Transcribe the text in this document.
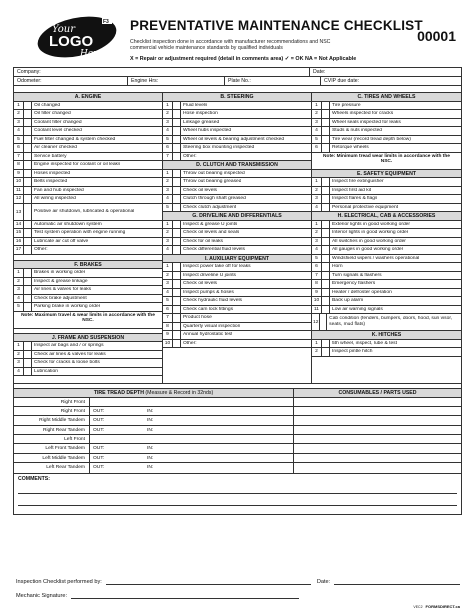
Your
LOGO
Here
F3 PREVENTATIVE MAINTENANCE CHECKLIST
Checklist inspection done in accordance with manufacturer recommendations and NSC commercial vehicle maintenance standards by qualified individuals
X = Repair or adjustment required (detail in comments area) ✓ = OK NA = Not Applicable
00001
Company:	Date:
Odometer:	Engine Hrs:	Plate No.:	CVIP due date:
A. ENGINE
1	Oil changed
2	Oil filter changed
3	Coolant filter changed
4	Coolant level checked
5	Fuel filter changed & system checked
6	Air cleaner checked
7	Service battery
8	Engine inspected for coolant or oil leaks
9	Hoses inspected
10	Belts inspected
11	Fan and hub inspected
12	All wiring inspected
13	Positive air shutdown, lubricated & operational
14	Automatic air shutdown system
15	Test system operation with engine running
16	Lubricate air cut off valve
17	Other:
F. BRAKES
1	Brakes in working order
2	Inspect & grease linkage
3	Air lines & valves for leaks
4	Check brake adjustment
5	Parking brake in working order
Note: Maximum travel & wear limits in accordance with the NSC.
J. FRAME AND SUSPENSION
1	Inspect air bags and / or springs
2	Check air lines & valves for leaks
3	Check for cracks & loose bolts
4	Lubrication
B. STEERING
1	Fluid levels
2	Hose inspection
3	Linkage greased
4	Wheel hubs inspected
5	Wheel oil levels & bearing adjustment checked
6	Steering box mounting inspected
7	Other:
D. CLUTCH AND TRANSMISSION
1	Throw out bearing inspected
2	Throw out bearing greased
3	Check oil levels
4	Clutch through shaft greased
5	Check clutch adjustment
G. DRIVELINE AND DIFFERENTIALS
1	Inspect & grease U joints
2	Check oil levels and seals
3	Check for oil leaks
4	Check differential fluid levels
I. AUXILIARY EQUIPMENT
1	Inspect power take off for leaks
2	Inspect driveline U joints
3	Check oil levels
4	Inspect pumps & hoses
5	Check hydraulic fluid levels
6	Check cam lock fittings
7	Product hose
8	Quarterly visual inspection
9	Annual hydrostatic test
10	Other:
C. TIRES AND WHEELS
1	Tire pressure
2	Wheels inspected for cracks
3	Wheel seals inspected for leaks
4	Studs & nuts inspected
5	Tire wear (record tread depth below)
6	Retorque wheels
Note: Minimum tread wear limits in accordance with the NSC.
E. SAFETY EQUIPMENT
1	Inspect fire extinguisher
2	Inspect first aid kit
3	Inspect flares & flags
4	Personal protective equipment
H. ELECTRICAL, CAB & ACCESSORIES
1	Exterior lights in good working order
2	Interior lights in good working order
3	All switches in good working order
4	All gauges in good working order
5	Windshield wipers / washers operational
6	Horn
7	Turn signals & flashers
8	Emergency flashers
9	Heater / defroster operation
10	Back up alarm
11	Low air warning signals
12
Cab condition (fenders, bumpers, doors, hood, sun visor, seats, mud flats)
K. HITCHES
1	5th wheel, inspect, lube & test
2	Inspect pintle hitch
TIRE TREAD DEPTH (Measure & Record in 32nds)
Right Front
Right Front	OUT:	IN:
Right Middle Tandem	OUT:	IN:
Right Rear Tandem	OUT:	IN:
Left Front
Left Front Tandem	OUT:	IN:
Left Middle Tandem	OUT:	IN:
Left Rear Tandem	OUT:	IN:
CONSUMABLES / PARTS USED
COMMENTS:
Inspection Checklist performed by:	Date:
Mechanic Signature:
VEC2 FORMSDIRECT.ca
